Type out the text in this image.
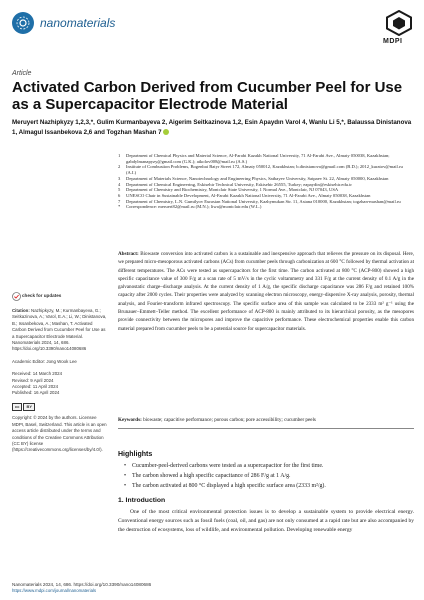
nanomaterials
MDPI
Article
Activated Carbon Derived from Cucumber Peel for Use as a Supercapacitor Electrode Material
Meruyert Nazhipkyzy 1,2,3,*, Gulim Kurmanbayeva 2, Aigerim Seitkazinova 1,2, Esin Apaydın Varol 4, Wanlu Li 5,*, Balaussa Dinistanova 1, Almagul Issanbekova 2,6 and Togzhan Mashan 7
1	Department of Chemical Physics and Material Science, Al-Farabi Kazakh National University, 71 Al-Farabi Ave., Almaty 050038, Kazakhstan; gabdylmanapyzy@gmail.com (G.K.); aikolov008@mail.ru (A.S.)
2	Institute of Combustion Problems, Bogenbai Batyr Street 172, Almaty 050012, Kazakhstan; b.dinistanova@gmail.com (B.D.); 2012_kuratov@mail.ru (A.I.)
3	Department of Materials Science, Nanotechnology and Engineering Physics, Satbayev University, Satpaev St. 22, Almaty 050000, Kazakhstan
4	Department of Chemical Engineering, Eskisehir Technical University, Eskisehir 26555, Turkey; eapaydin@eskisehir.edu.tr
5	Department of Chemistry and Biochemistry, Montclair State University, 1 Normal Ave., Montclair, NJ 07043, USA
6	UNESCO Chair in Sustainable Development, Al-Farabi Kazakh National University, 71 Al-Farabi Ave., Almaty 050038, Kazakhstan
7	Department of Chemistry, L.N. Gumilyov Eurasian National University, Kazhymukan Str. 11, Astana 010000, Kazakhstan; togzhan-mashan@mail.ru
*	Correspondence: meruert82@mail.ru (M.N.); liwa@montclair.edu (W.L.)
check for updates
Citation: Nazhipkyzy, M.; Kurmanbayeva, G.; Seitkazinova, A.; Varol, E.A.; Li, W.; Dinistanova, B.; Issanbekova, A.; Mashan, T. Activated Carbon Derived from Cucumber Peel for Use as a Supercapacitor Electrode Material. Nanomaterials 2024, 14, 686. https://doi.org/10.3390/nano14080686
Academic Editor: Jong Wook Lee
Received: 14 March 2024
Revised: 9 April 2024
Accepted: 11 April 2024
Published: 16 April 2024
cc	BY
Copyright: © 2024 by the authors. Licensee MDPI, Basel, Switzerland. This article is an open access article distributed under the terms and conditions of the Creative Commons Attribution (CC BY) license (https://creativecommons.org/licenses/by/4.0/).
Abstract: Biowaste conversion into activated carbon is a sustainable and inexpensive approach that relieves the pressure on its disposal. Here, we prepared micro-mesoporous activated carbons (ACs) from cucumber peels through carbonization at 600 °C followed by thermal activation at different temperatures. The ACs were tested as supercapacitors for the first time. The carbon activated at 800 °C (ACP-800) showed a high specific capacitance value of 300 F/g at a scan rate of 5 mV/s in the cyclic voltammetry and 331 F/g at the current density of 0.1 A/g in the galvanostatic charge–discharge analysis. At the current density of 1 A/g, the specific discharge capacitance was 286 F/g and retained 100% capacity after 2000 cycles. Their properties were analyzed by scanning electron microscopy, energy-dispersive X-ray analysis, porosity, thermal analysis, and Fourier-transform infrared spectroscopy. The specific surface area of this sample was calculated to be 2333 m² g⁻¹ using the Brunauer–Emmett–Teller method. The excellent performance of ACP-800 is mainly attributed to its hierarchical porosity, as the mesopores provide connectivity between the micropores and improve the capacitive performance. These electrochemical properties enable this carbon material prepared from cucumber peels to be a potential source for supercapacitor materials.
Keywords: biowaste; capacitive performance; porous carbon; pore accessibility; cucumber peels
Highlights
•	Cucumber-peel-derived carbons were tested as a supercapacitor for the first time.
•	The carbon showed a high specific capacitance of 286 F/g at 1 A/g.
•	The carbon activated at 800 °C displayed a high specific surface area (2333 m²/g).
1. Introduction
One of the most critical environmental protection issues is to develop a sustainable system to provide electrical energy. Conventional energy sources such as fossil fuels (coal, oil, and gas) are not only consumed at a rapid rate but are also accompanied by the destruction of ecosystems, loss of wildlife, and environmental pollution. Developing renewable energy
Nanomaterials 2024, 14, 686. https://doi.org/10.3390/nano14080686
https://www.mdpi.com/journal/nanomaterials
